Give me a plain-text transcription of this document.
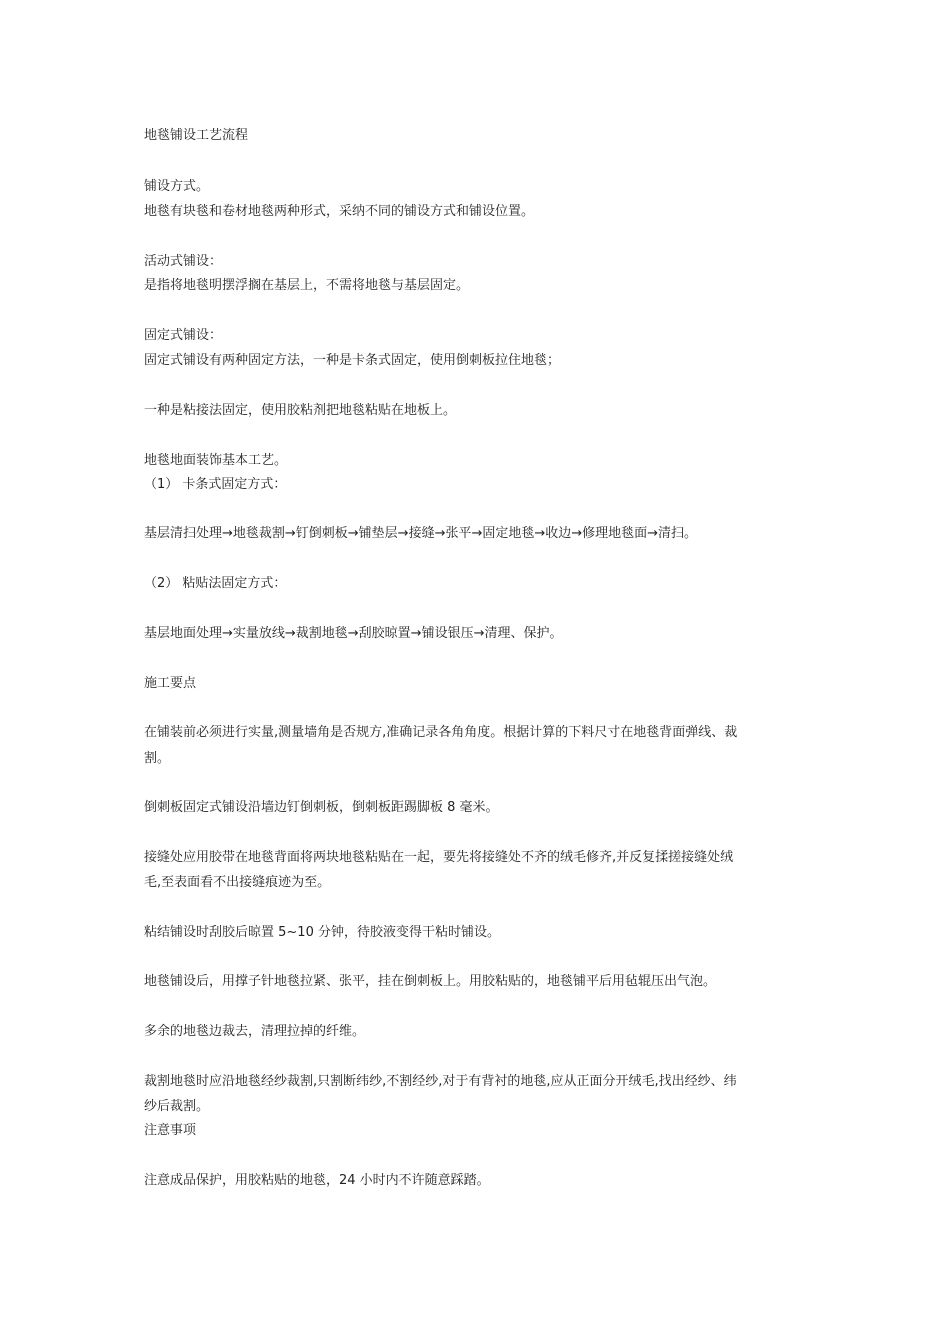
地毯铺设工艺流程
铺设方式。
地毯有块毯和卷材地毯两种形式，采纳不同的铺设方式和铺设位置。
活动式铺设：
是指将地毯明摆浮搁在基层上，不需将地毯与基层固定。
固定式铺设：
固定式铺设有两种固定方法，一种是卡条式固定，使用倒刺板拉住地毯；
一种是粘接法固定，使用胶粘剂把地毯粘贴在地板上。
地毯地面装饰基本工艺。
（1） 卡条式固定方式：
基层清扫处理→地毯裁割→钉倒刺板→铺垫层→接缝→张平→固定地毯→收边→修理地毯面→清扫。
（2） 粘贴法固定方式：
基层地面处理→实量放线→裁割地毯→刮胶晾置→铺设银压→清理、保护。
施工要点
在铺装前必须进行实量,测量墙角是否规方,准确记录各角角度。根据计算的下料尺寸在地毯背面弹线、裁
割。
倒刺板固定式铺设沿墙边钉倒刺板，倒刺板距踢脚板 8 毫米。
接缝处应用胶带在地毯背面将两块地毯粘贴在一起，要先将接缝处不齐的绒毛修齐,并反复揉搓接缝处绒
毛,至表面看不出接缝痕迹为至。
粘结铺设时刮胶后晾置 5~10 分钟，待胶液变得干粘时铺设。
地毯铺设后，用撑子针地毯拉紧、张平，挂在倒刺板上。用胶粘贴的，地毯铺平后用毡辊压出气泡。
多余的地毯边裁去，清理拉掉的纤维。
裁割地毯时应沿地毯经纱裁割,只割断纬纱,不割经纱,对于有背衬的地毯,应从正面分开绒毛,找出经纱、纬
纱后裁割。
注意事项
注意成品保护，用胶粘贴的地毯，24 小时内不许随意踩踏。
